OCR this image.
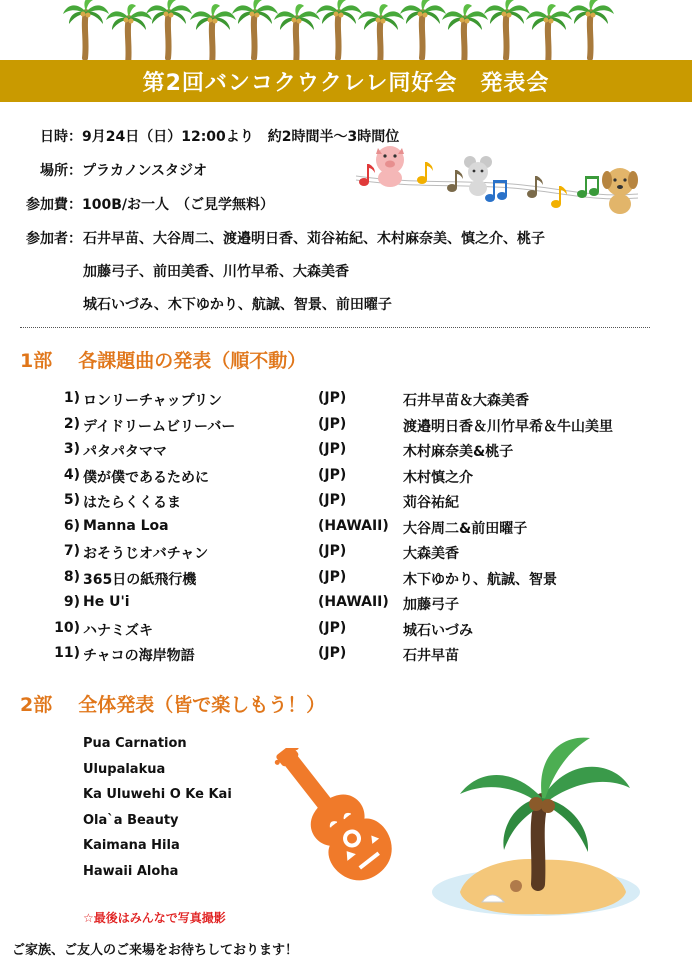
第2回バンコクウクレレ同好会　発表会
日時：9月24日（日）12:00より　約2時間半～3時間位
場所：プラカノンスタジオ
参加費：100B/お一人　（ご見学無料）
参加者： 石井早苗、大谷周二、渡邉明日香、苅谷祐紀、木村麻奈美、慎之介、桃子
加藤弓子、前田美香、川竹早希、大森美香
城石いづみ、木下ゆかり、航誠、智景、前田曜子
1部 各課題曲の発表（順不動）
1) ロンリーチャップリン	(JP)	石井早苗＆大森美香
2) デイドリームビリーバー	(JP)	渡邉明日香＆川竹早希＆牛山美里
3) パタパタママ	(JP)	木村麻奈美&桃子
4) 僕が僕であるために	(JP)	木村慎之介
5) はたらくくるま	(JP)	苅谷祐紀
6) Manna Loa	(HAWAII) 大谷周二&前田曜子
7) おそうじオバチャン	(JP)	大森美香
8) 365日の紙飛行機	(JP)	木下ゆかり、航誠、智景
9) He U'i	(HAWAII) 加藤弓子
10) ハナミズキ	(JP)	城石いづみ
11) チャコの海岸物語	(JP)	石井早苗
2部 全体発表（皆で楽しもう！）
Pua Carnation
Ulupalakua
Ka Uluwehi O Ke Kai
Ola`a Beauty
Kaimana Hila
Hawaii Aloha
☆最後はみんなで写真撮影
ご家族、ご友人のご来場をお待ちしております！
